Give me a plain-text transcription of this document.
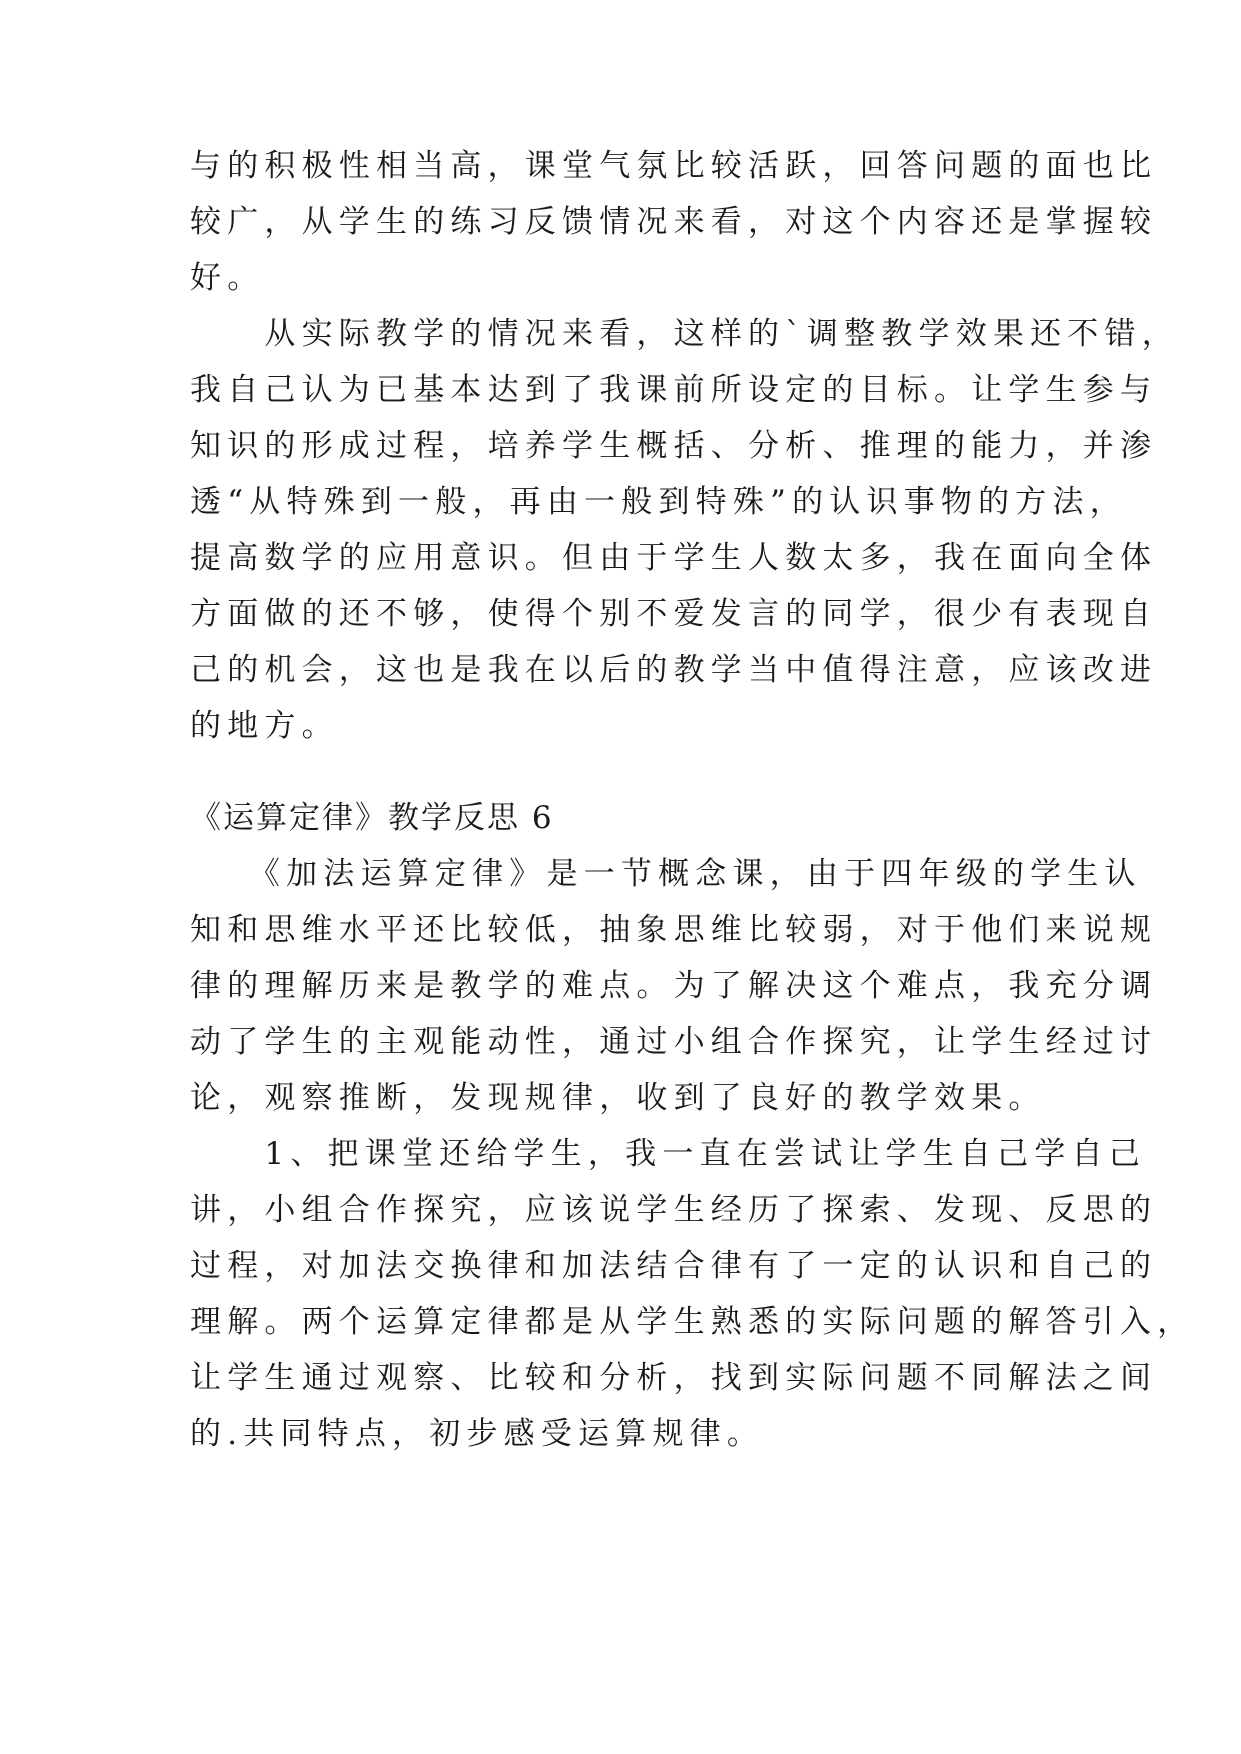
与的积极性相当高，课堂气氛比较活跃，回答问题的面也比
较广，从学生的练习反馈情况来看，对这个内容还是掌握较
好。
　　从实际教学的情况来看，这样的`调整教学效果还不错，
我自己认为已基本达到了我课前所设定的目标。让学生参与
知识的形成过程，培养学生概括、分析、推理的能力，并渗
透“从特殊到一般，再由一般到特殊”的认识事物的方法，
提高数学的应用意识。但由于学生人数太多，我在面向全体
方面做的还不够，使得个别不爱发言的同学，很少有表现自
己的机会，这也是我在以后的教学当中值得注意，应该改进
的地方。
《运算定律》教学反思 6
　　《加法运算定律》是一节概念课，由于四年级的学生认
知和思维水平还比较低，抽象思维比较弱，对于他们来说规
律的理解历来是教学的难点。为了解决这个难点，我充分调
动了学生的主观能动性，通过小组合作探究，让学生经过讨
论，观察推断，发现规律，收到了良好的教学效果。
　　1、把课堂还给学生，我一直在尝试让学生自己学自己
讲，小组合作探究，应该说学生经历了探索、发现、反思的
过程，对加法交换律和加法结合律有了一定的认识和自己的
理解。两个运算定律都是从学生熟悉的实际问题的解答引入，
让学生通过观察、比较和分析，找到实际问题不同解法之间
的.共同特点，初步感受运算规律。
